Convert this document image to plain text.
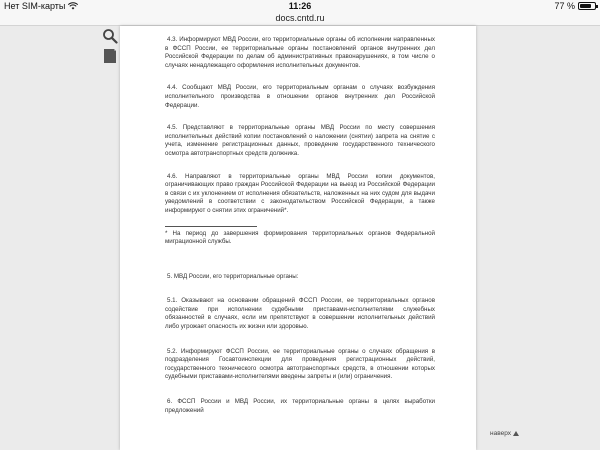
Нет SIM-карты	11:26	77 %
docs.cntd.ru

4.3. Информируют МВД России, его территориальные органы об исполнении направленных в ФССП России, ее территориальные органы постановлений органов внутренних дел Российской Федерации по делам об административных правонарушениях, в том числе о случаях ненадлежащего оформления исполнительных документов.

4.4. Сообщают МВД России, его территориальным органам о случаях возбуждения исполнительного производства в отношении органов внутренних дел Российской Федерации.

4.5. Представляют в территориальные органы МВД России по месту совершения исполнительных действий копии постановлений о наложении (снятии) запрета на снятие с учета, изменение регистрационных данных, проведение государственного технического осмотра автотранспортных средств должника.

4.6. Направляют в территориальные органы МВД России копии документов, ограничивающих право граждан Российской Федерации на выезд из Российской Федерации в связи с их уклонением от исполнения обязательств, наложенных на них судом для выдачи уведомлений в соответствии с законодательством Российской Федерации, а также информируют о снятии этих ограничений*.

* На период до завершения формирования территориальных органов Федеральной миграционной службы.

5. МВД России, его территориальные органы:

5.1. Оказывают на основании обращений ФССП России, ее территориальных органов содействие при исполнении судебными приставами-исполнителями служебных обязанностей в случаях, если им препятствуют в совершении исполнительных действий либо угрожает опасность их жизни или здоровью.

5.2. Информируют ФССП России, ее территориальные органы о случаях обращения в подразделения Госавтоинспекции для проведения регистрационных действий, государственного технического осмотра автотранспортных средств, в отношении которых судебными приставами-исполнителями введены запреты и (или) ограничения.

6. ФССП России и МВД России, их территориальные органы в целях выработки предложений

наверх
